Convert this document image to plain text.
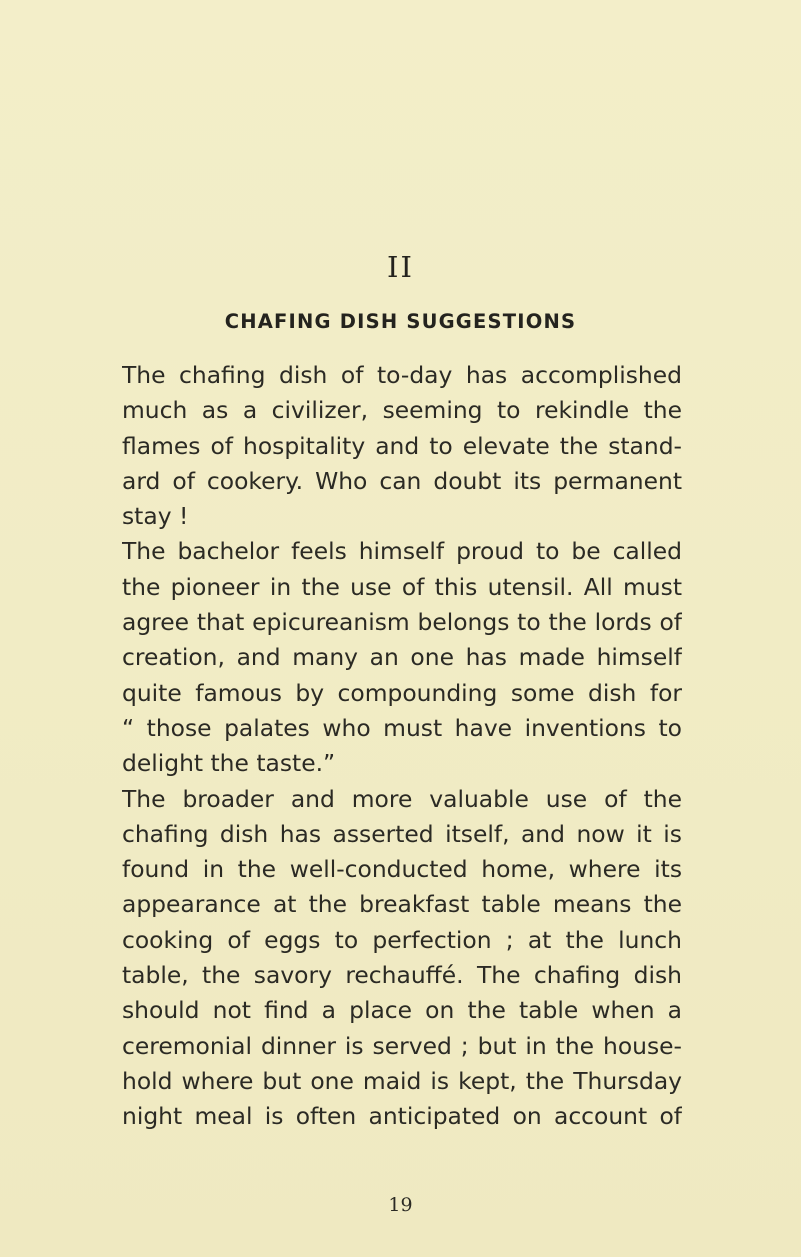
II
CHAFING DISH SUGGESTIONS
The chafing dish of to-day has accomplished
much as a civilizer, seeming to rekindle the
flames of hospitality and to elevate the stand-
ard of cookery. Who can doubt its permanent
stay !
The bachelor feels himself proud to be called
the pioneer in the use of this utensil. All must
agree that epicureanism belongs to the lords of
creation, and many an one has made himself
quite famous by compounding some dish for
“ those palates who must have inventions to
delight the taste.”
The broader and more valuable use of the
chafing dish has asserted itself, and now it is
found in the well-conducted home, where its
appearance at the breakfast table means the
cooking of eggs to perfection ; at the lunch
table, the savory rechauffé. The chafing dish
should not find a place on the table when a
ceremonial dinner is served ; but in the house-
hold where but one maid is kept, the Thursday
night meal is often anticipated on account of
19
